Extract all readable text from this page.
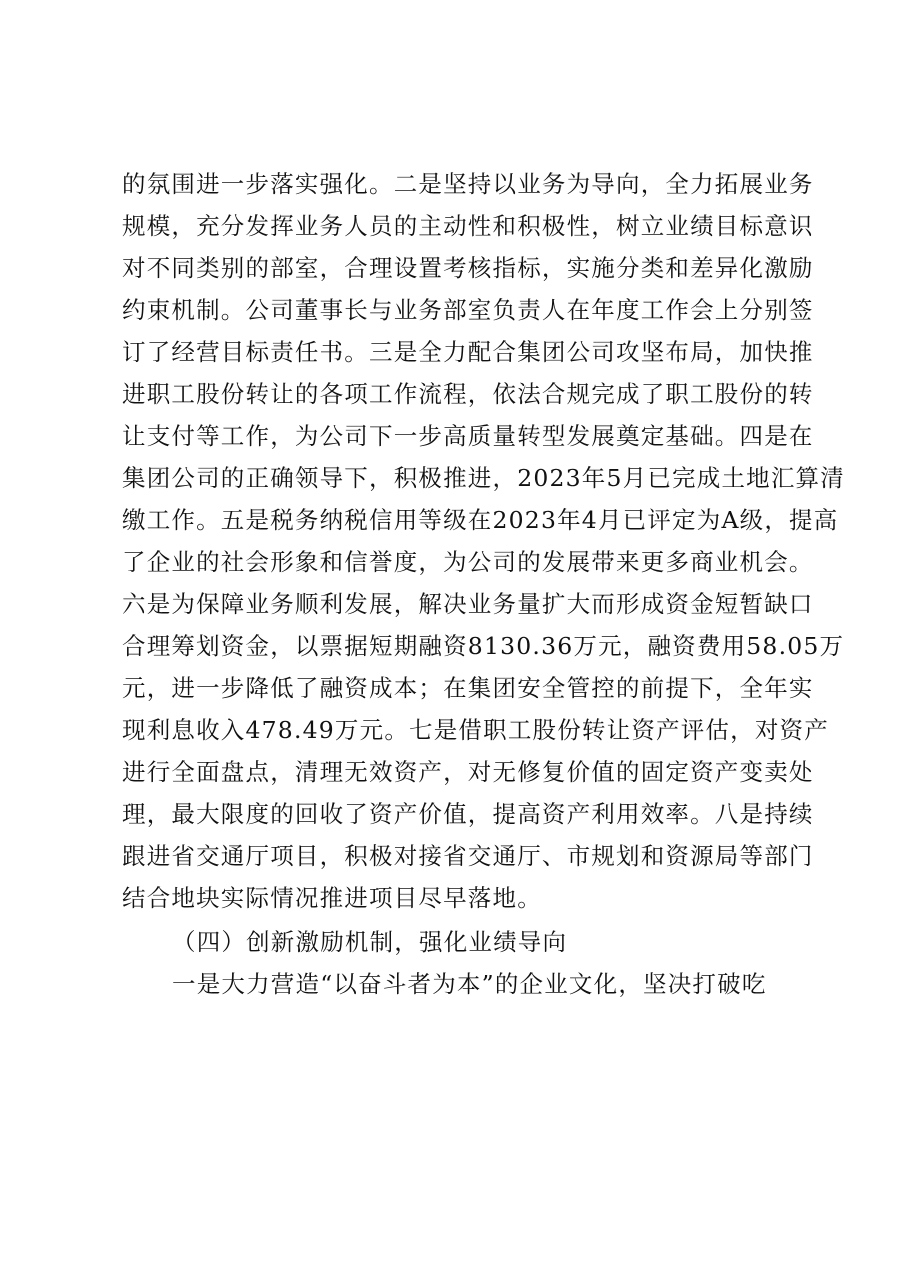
的氛围进一步落实强化。二是坚持以业务为导向，全力拓展业务
规模，充分发挥业务人员的主动性和积极性，树立业绩目标意识
对不同类别的部室，合理设置考核指标，实施分类和差异化激励
约束机制。公司董事长与业务部室负责人在年度工作会上分别签
订了经营目标责任书。三是全力配合集团公司攻坚布局，加快推
进职工股份转让的各项工作流程，依法合规完成了职工股份的转
让支付等工作，为公司下一步高质量转型发展奠定基础。四是在
集团公司的正确领导下，积极推进，2023年5月已完成土地汇算清
缴工作。五是税务纳税信用等级在2023年4月已评定为A级，提高
了企业的社会形象和信誉度，为公司的发展带来更多商业机会。
六是为保障业务顺利发展，解决业务量扩大而形成资金短暂缺口
合理筹划资金，以票据短期融资8130.36万元，融资费用58.05万
元，进一步降低了融资成本；在集团安全管控的前提下，全年实
现利息收入478.49万元。七是借职工股份转让资产评估，对资产
进行全面盘点，清理无效资产，对无修复价值的固定资产变卖处
理，最大限度的回收了资产价值，提高资产利用效率。八是持续
跟进省交通厅项目，积极对接省交通厅、市规划和资源局等部门
结合地块实际情况推进项目尽早落地。
（四）创新激励机制，强化业绩导向
一是大力营造“以奋斗者为本”的企业文化，坚决打破吃
